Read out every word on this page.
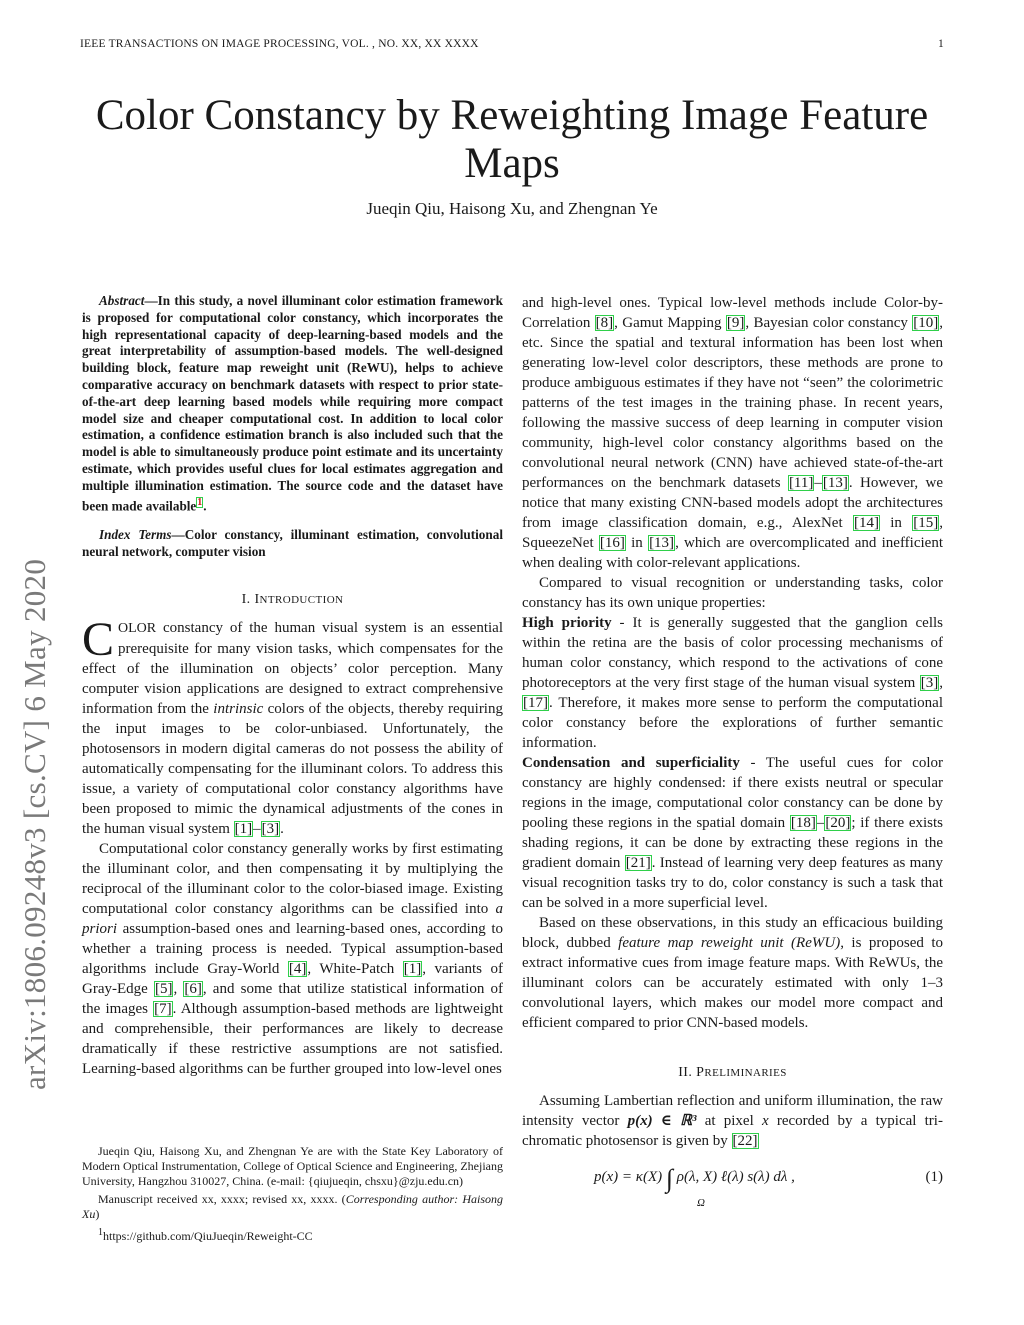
IEEE TRANSACTIONS ON IMAGE PROCESSING, VOL. , NO. XX, XX XXXX	1
Color Constancy by Reweighting Image Feature Maps
Jueqin Qiu, Haisong Xu, and Zhengnan Ye
arXiv:1806.09248v3 [cs.CV] 6 May 2020

Abstract—In this study, a novel illuminant color estimation framework is proposed for computational color constancy, which incorporates the high representational capacity of deep-learning-based models and the great interpretability of assumption-based models. The well-designed building block, feature map reweight unit (ReWU), helps to achieve comparative accuracy on benchmark datasets with respect to prior state-of-the-art deep learning based models while requiring more compact model size and cheaper computational cost. In addition to local color estimation, a confidence estimation branch is also included such that the model is able to simultaneously produce point estimate and its uncertainty estimate, which provides useful clues for local estimates aggregation and multiple illumination estimation. The source code and the dataset have been made available$^1$.

Index Terms—Color constancy, illuminant estimation, convolutional neural network, computer vision

I. INTRODUCTION

COLOR constancy of the human visual system is an essential prerequisite for many vision tasks, which compensates for the effect of the illumination on objects’ color perception. Many computer vision applications are designed to extract comprehensive information from the intrinsic colors of the objects, thereby requiring the input images to be color-unbiased. Unfortunately, the photosensors in modern digital cameras do not possess the ability of automatically compensating for the illuminant colors. To address this issue, a variety of computational color constancy algorithms have been proposed to mimic the dynamical adjustments of the cones in the human visual system [1]–[3].

Computational color constancy generally works by first estimating the illuminant color, and then compensating it by multiplying the reciprocal of the illuminant color to the color-biased image. Existing computational color constancy algorithms can be classified into a priori assumption-based ones and learning-based ones, according to whether a training process is needed. Typical assumption-based algorithms include Gray-World [4], White-Patch [1], variants of Gray-Edge [5], [6], and some that utilize statistical information of the images [7]. Although assumption-based methods are lightweight and comprehensible, their performances are likely to decrease dramatically if these restrictive assumptions are not satisfied. Learning-based algorithms can be further grouped into low-level ones

Jueqin Qiu, Haisong Xu, and Zhengnan Ye are with the State Key Laboratory of Modern Optical Instrumentation, College of Optical Science and Engineering, Zhejiang University, Hangzhou 310027, China. (e-mail: {qiujueqin, chsxu}@zju.edu.cn)

Manuscript received xx, xxxx; revised xx, xxxx. (Corresponding author: Haisong Xu)

$^1$https://github.com/QiuJueqin/Reweight-CC

and high-level ones. Typical low-level methods include Color-by-Correlation [8], Gamut Mapping [9], Bayesian color constancy [10], etc. Since the spatial and textural information has been lost when generating low-level color descriptors, these methods are prone to produce ambiguous estimates if they have not “seen” the colorimetric patterns of the test images in the training phase. In recent years, following the massive success of deep learning in computer vision community, high-level color constancy algorithms based on the convolutional neural network (CNN) have achieved state-of-the-art performances on the benchmark datasets [11]–[13]. However, we notice that many existing CNN-based models adopt the architectures from image classification domain, e.g., AlexNet [14] in [15], SqueezeNet [16] in [13], which are overcomplicated and inefficient when dealing with color-relevant applications.

Compared to visual recognition or understanding tasks, color constancy has its own unique properties:

High priority - It is generally suggested that the ganglion cells within the retina are the basis of color processing mechanisms of human color constancy, which respond to the activations of cone photoreceptors at the very first stage of the human visual system [3], [17]. Therefore, it makes more sense to perform the computational color constancy before the explorations of further semantic information.

Condensation and superficiality - The useful cues for color constancy are highly condensed: if there exists neutral or specular regions in the image, computational color constancy can be done by pooling these regions in the spatial domain [18]–[20]; if there exists shading regions, it can be done by extracting these regions in the gradient domain [21]. Instead of learning very deep features as many visual recognition tasks try to do, color constancy is such a task that can be solved in a more superficial level.

Based on these observations, in this study an efficacious building block, dubbed feature map reweight unit (ReWU), is proposed to extract informative cues from image feature maps. With ReWUs, the illuminant colors can be accurately estimated with only 1–3 convolutional layers, which makes our model more compact and efficient compared to prior CNN-based models.

II. PRELIMINARIES

Assuming Lambertian reflection and uniform illumination, the raw intensity vector p(x) ∈ ℝ³ at pixel x recorded by a typical tri-chromatic photosensor is given by [22]

p(x) = κ(X) ∫ ρ(λ, X) ℓ(λ) s(λ) dλ ,
Ω
(1)
